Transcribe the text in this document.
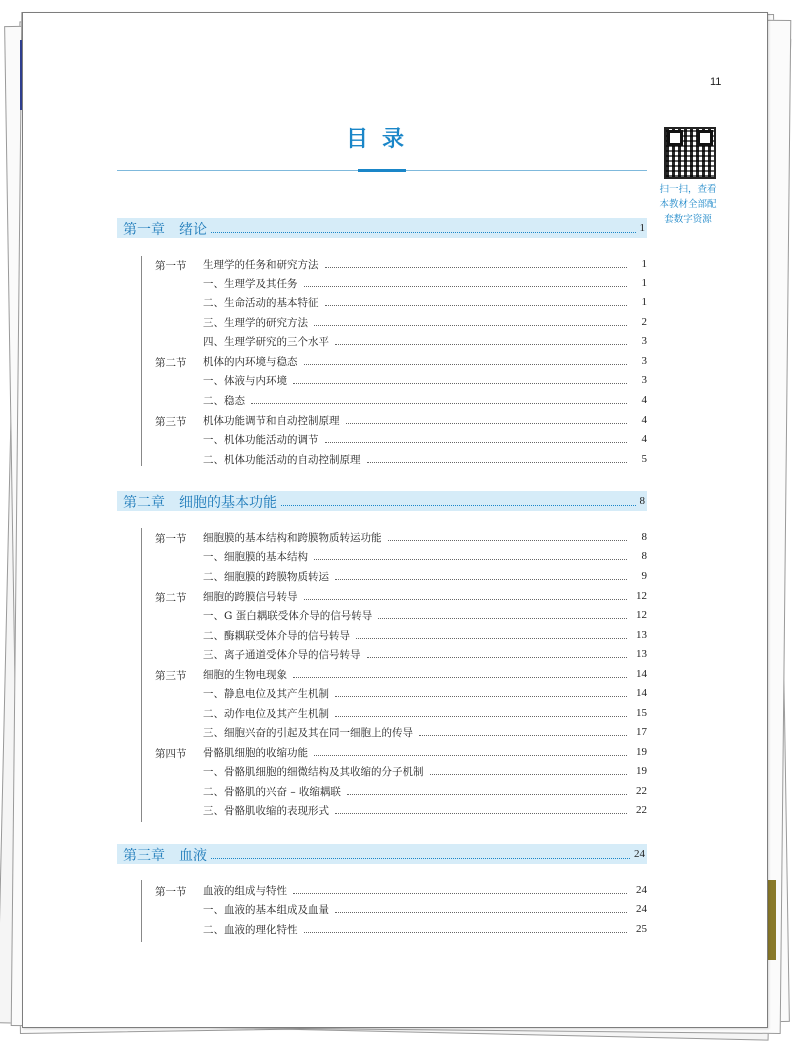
11
目录
扫一扫，查看本教材全部配套数字资源
第一章　绪论	1
第一节 生理学的任务和研究方法	1
一、生理学及其任务	1
二、生命活动的基本特征	1
三、生理学的研究方法	2
四、生理学研究的三个水平	3
第二节 机体的内环境与稳态	3
一、体液与内环境	3
二、稳态	4
第三节 机体功能调节和自动控制原理	4
一、机体功能活动的调节	4
二、机体功能活动的自动控制原理	5
第二章　细胞的基本功能	8
第一节 细胞膜的基本结构和跨膜物质转运功能	8
一、细胞膜的基本结构	8
二、细胞膜的跨膜物质转运	9
第二节 细胞的跨膜信号转导	12
一、G 蛋白耦联受体介导的信号转导	12
二、酶耦联受体介导的信号转导	13
三、离子通道受体介导的信号转导	13
第三节 细胞的生物电现象	14
一、静息电位及其产生机制	14
二、动作电位及其产生机制	15
三、细胞兴奋的引起及其在同一细胞上的传导	17
第四节 骨骼肌细胞的收缩功能	19
一、骨骼肌细胞的细微结构及其收缩的分子机制	19
二、骨骼肌的兴奋 – 收缩耦联	22
三、骨骼肌收缩的表现形式	22
第三章　血液	24
第一节 血液的组成与特性	24
一、血液的基本组成及血量	24
二、血液的理化特性	25
